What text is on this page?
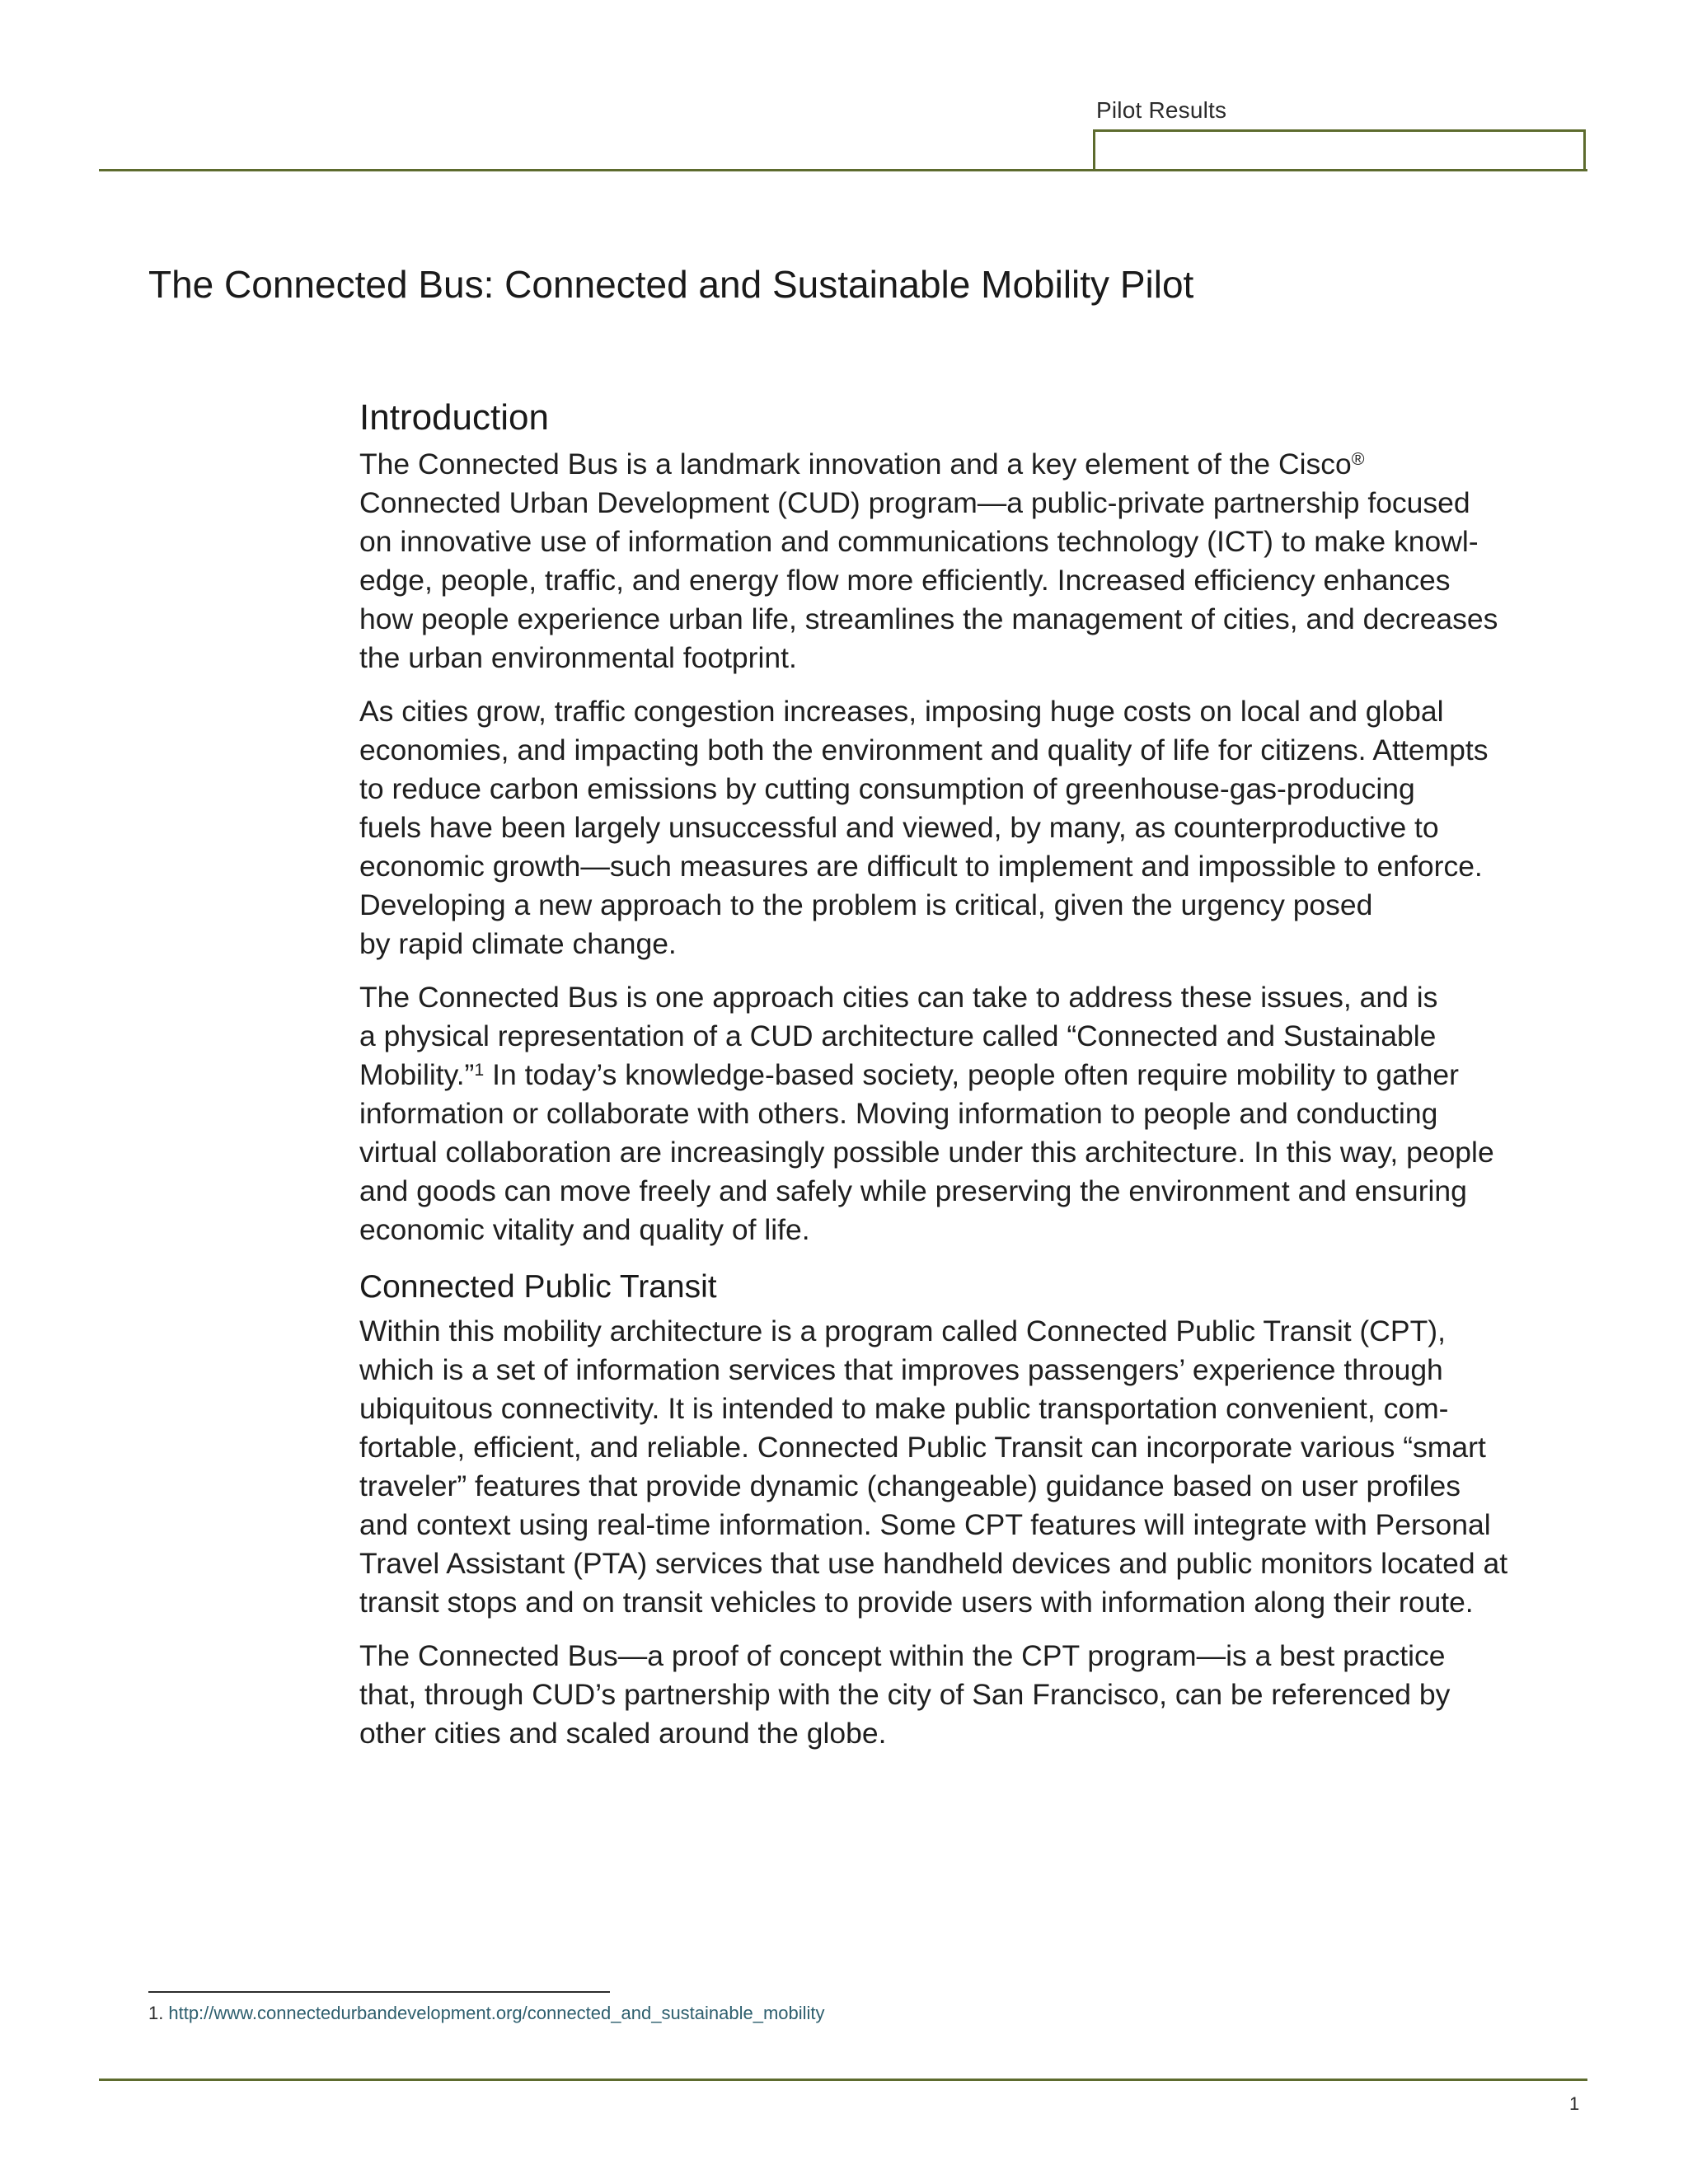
Pilot Results
The Connected Bus: Connected and Sustainable Mobility Pilot
Introduction

The Connected Bus is a landmark innovation and a key element of the Cisco®
Connected Urban Development (CUD) program—a public-private partnership focused
on innovative use of information and communications technology (ICT) to make knowl-
edge, people, traffic, and energy flow more efficiently. Increased efficiency enhances
how people experience urban life, streamlines the management of cities, and decreases
the urban environmental footprint.

As cities grow, traffic congestion increases, imposing huge costs on local and global
economies, and impacting both the environment and quality of life for citizens. Attempts
to reduce carbon emissions by cutting consumption of greenhouse-gas-producing
fuels have been largely unsuccessful and viewed, by many, as counterproductive to
economic growth—such measures are difficult to implement and impossible to enforce.
Developing a new approach to the problem is critical, given the urgency posed
by rapid climate change.

The Connected Bus is one approach cities can take to address these issues, and is
a physical representation of a CUD architecture called “Connected and Sustainable
Mobility.”$^1$ In today’s knowledge-based society, people often require mobility to gather
information or collaborate with others. Moving information to people and conducting
virtual collaboration are increasingly possible under this architecture. In this way, people
and goods can move freely and safely while preserving the environment and ensuring
economic vitality and quality of life.

Connected Public Transit

Within this mobility architecture is a program called Connected Public Transit (CPT),
which is a set of information services that improves passengers’ experience through
ubiquitous connectivity. It is intended to make public transportation convenient, com-
fortable, efficient, and reliable. Connected Public Transit can incorporate various “smart
traveler” features that provide dynamic (changeable) guidance based on user profiles
and context using real-time information. Some CPT features will integrate with Personal
Travel Assistant (PTA) services that use handheld devices and public monitors located at
transit stops and on transit vehicles to provide users with information along their route.

The Connected Bus—a proof of concept within the CPT program—is a best practice
that, through CUD’s partnership with the city of San Francisco, can be referenced by
other cities and scaled around the globe.

1. http://www.connectedurbandevelopment.org/connected_and_sustainable_mobility
1
